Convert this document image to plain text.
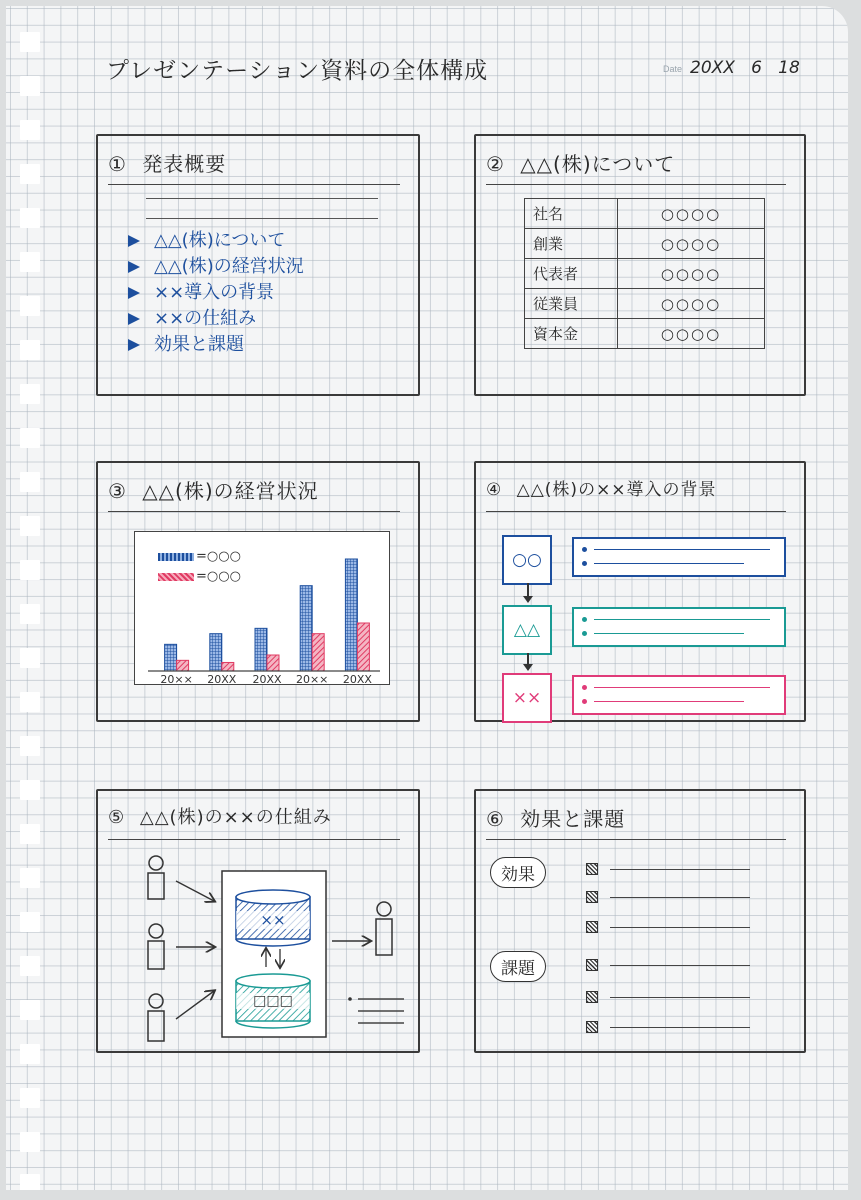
プレゼンテーション資料の全体構成	Date 20XX   6   18
① 発表概要
△△(株)について
△△(株)の経営状況
××導入の背景
××の仕組み
効果と課題
② △△(株)について
社名	○○○○
創業	○○○○
代表者	○○○○
従業員	○○○○
資本金	○○○○
③ △△(株)の経営状況
=○○○
=○○○
20×× 20XX 20XX 20×× 20XX
④ △△(株)の××導入の背景
○○
△△
××
⑤ △△(株)の××の仕組み
××
□□□
⑥ 効果と課題
効果
課題
